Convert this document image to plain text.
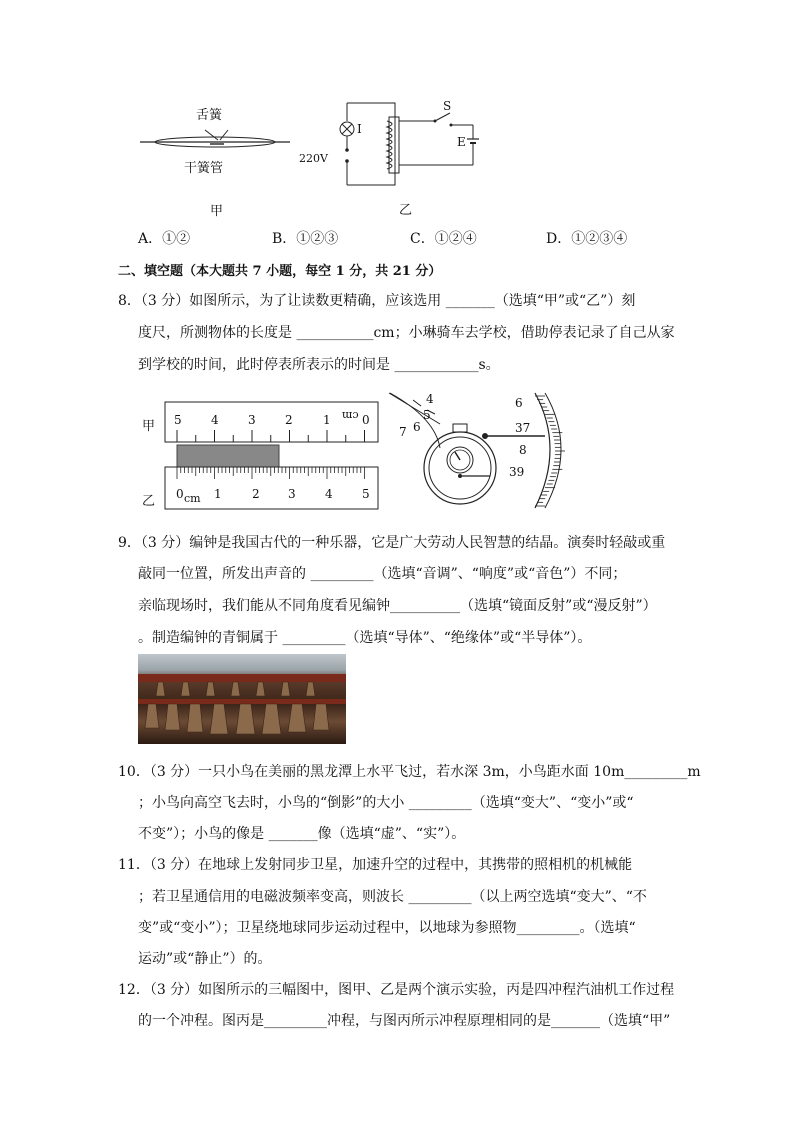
舌簧
干簧管
甲
S
E
I
220V
乙
A．①②	B．①②③	C．①②④	D．①②③④
二、填空题（本大题共 7 小题，每空 1 分，共 21 分）
8．（3 分）如图所示，为了让读数更精确，应该选用 _______（选填“甲”或“乙”）刻
度尺，所测物体的长度是 ___________cm；小琳骑车去学校，借助停表记录了自己从家
到学校的时间，此时停表所表示的时间是 ____________s。
甲
乙
5 4 3 2	1	0
cm
0 cm 1	2 3 4 5
4
5
6
7
6
37
8
39
9．（3 分）编钟是我国古代的一种乐器，它是广大劳动人民智慧的结晶。演奏时轻敲或重
敲同一位置，所发出声音的 _________（选填“音调”、“响度”或“音色”）不同；
亲临现场时，我们能从不同角度看见编钟__________（选填“镜面反射”或“漫反射”）
。制造编钟的青铜属于 _________（选填“导体”、“绝缘体”或“半导体”）。
10．（3 分）一只小鸟在美丽的黑龙潭上水平飞过，若水深 3m，小鸟距水面 10m_________m
；小鸟向高空飞去时，小鸟的“倒影”的大小 _________（选填“变大”、“变小”或“
不变”）；小鸟的像是 _______像（选填“虚”、“实”）。
11．（3 分）在地球上发射同步卫星，加速升空的过程中，其携带的照相机的机械能
；若卫星通信用的电磁波频率变高，则波长 _________（以上两空选填“变大”、“不
变”或“变小”）；卫星绕地球同步运动过程中，以地球为参照物_________。（选填“
运动”或“静止”）的。
12．（3 分）如图所示的三幅图中，图甲、乙是两个演示实验，丙是四冲程汽油机工作过程
的一个冲程。图丙是_________冲程，与图丙所示冲程原理相同的是_______（选填“甲”
